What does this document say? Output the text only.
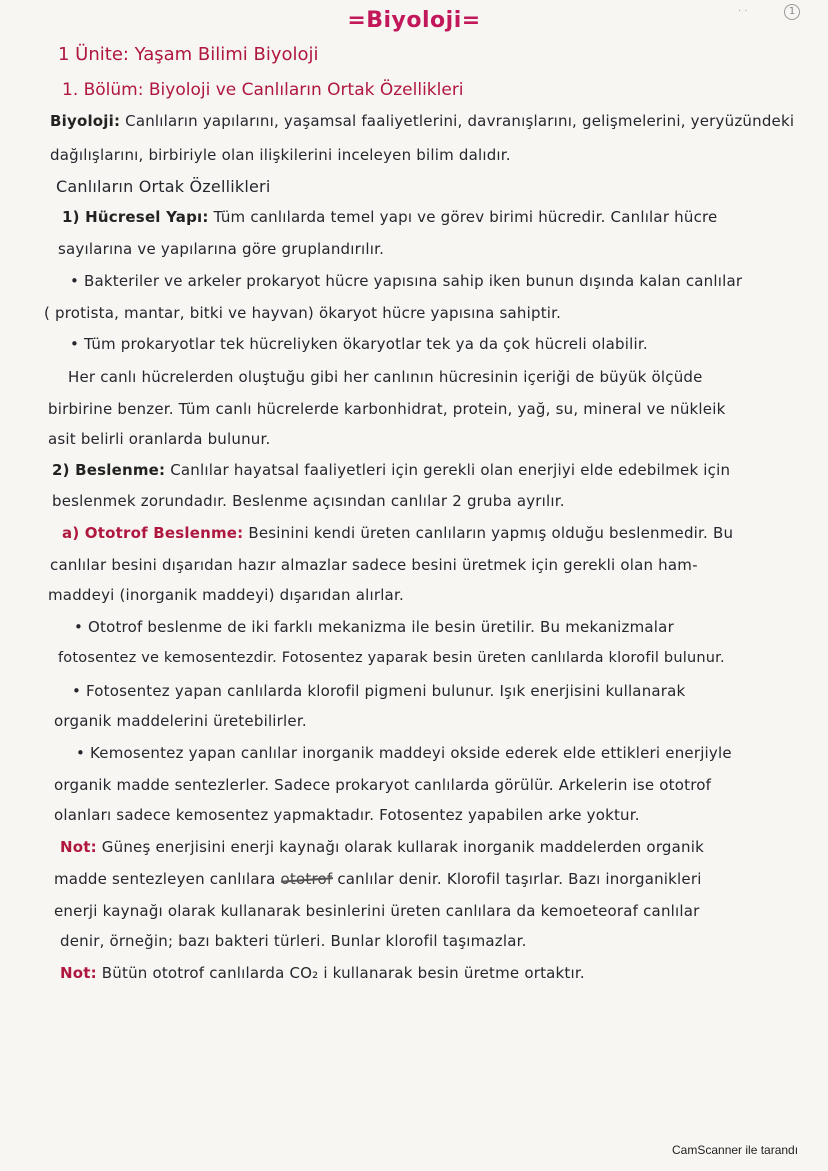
· ·	1
=Biyoloji=
1 Ünite: Yaşam Bilimi Biyoloji
1. Bölüm: Biyoloji ve Canlıların Ortak Özellikleri
Biyoloji: Canlıların yapılarını, yaşamsal faaliyetlerini, davranışlarını, gelişmelerini, yeryüzündeki
dağılışlarını, birbiriyle olan ilişkilerini inceleyen bilim dalıdır.
Canlıların Ortak Özellikleri
1) Hücresel Yapı: Tüm canlılarda temel yapı ve görev birimi hücredir. Canlılar hücre
sayılarına ve yapılarına göre gruplandırılır.
• Bakteriler ve arkeler prokaryot hücre yapısına sahip iken bunun dışında kalan canlılar
( protista, mantar, bitki ve hayvan) ökaryot hücre yapısına sahiptir.
• Tüm prokaryotlar tek hücreliyken ökaryotlar tek ya da çok hücreli olabilir.
Her canlı hücrelerden oluştuğu gibi her canlının hücresinin içeriği de büyük ölçüde
birbirine benzer. Tüm canlı hücrelerde karbonhidrat, protein, yağ, su, mineral ve nükleik
asit belirli oranlarda bulunur.
2) Beslenme: Canlılar hayatsal faaliyetleri için gerekli olan enerjiyi elde edebilmek için
beslenmek zorundadır. Beslenme açısından canlılar 2 gruba ayrılır.
a) Ototrof Beslenme: Besinini kendi üreten canlıların yapmış olduğu beslenmedir. Bu
canlılar besini dışarıdan hazır almazlar sadece besini üretmek için gerekli olan ham-
maddeyi (inorganik maddeyi) dışarıdan alırlar.
• Ototrof beslenme de iki farklı mekanizma ile besin üretilir. Bu mekanizmalar
fotosentez ve kemosentezdir. Fotosentez yaparak besin üreten canlılarda klorofil bulunur.
• Fotosentez yapan canlılarda klorofil pigmeni bulunur. Işık enerjisini kullanarak
organik maddelerini üretebilirler.
• Kemosentez yapan canlılar inorganik maddeyi okside ederek elde ettikleri enerjiyle
organik madde sentezlerler. Sadece prokaryot canlılarda görülür. Arkelerin ise ototrof
olanları sadece kemosentez yapmaktadır. Fotosentez yapabilen arke yoktur.
Not: Güneş enerjisini enerji kaynağı olarak kullarak inorganik maddelerden organik
madde sentezleyen canlılara ototrof canlılar denir. Klorofil taşırlar. Bazı inorganikleri
enerji kaynağı olarak kullanarak besinlerini üreten canlılara da kemoeteoraf canlılar
denir, örneğin; bazı bakteri türleri. Bunlar klorofil taşımazlar.
Not: Bütün ototrof canlılarda CO₂ i kullanarak besin üretme ortaktır.
CamScanner ile tarandı
